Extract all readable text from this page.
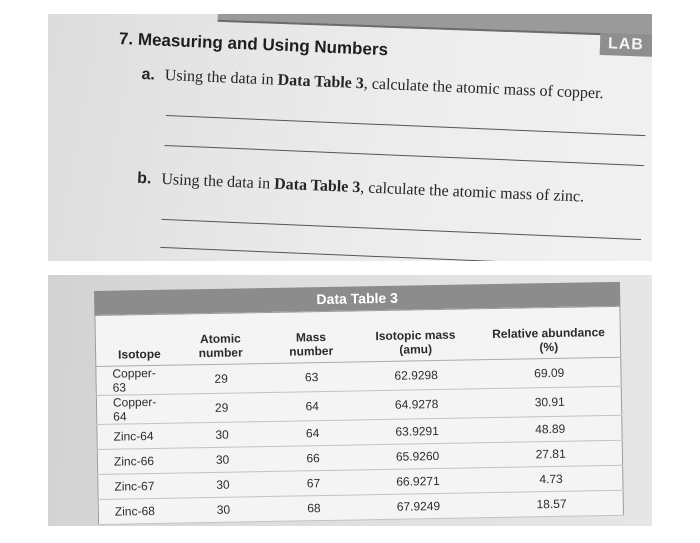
LAB
7. Measuring and Using Numbers
a. Using the data in Data Table 3, calculate the atomic mass of copper.
b. Using the data in Data Table 3, calculate the atomic mass of zinc.
Data Table 3
Isotope	Atomic number	Mass number	Isotopic mass (amu)	Relative abundance (%)
Copper-63	29	63	62.9298	69.09
Copper-64	29	64	64.9278	30.91
Zinc-64	30	64	63.9291	48.89
Zinc-66	30	66	65.9260	27.81
Zinc-67	30	67	66.9271	4.73
Zinc-68	30	68	67.9249	18.57
